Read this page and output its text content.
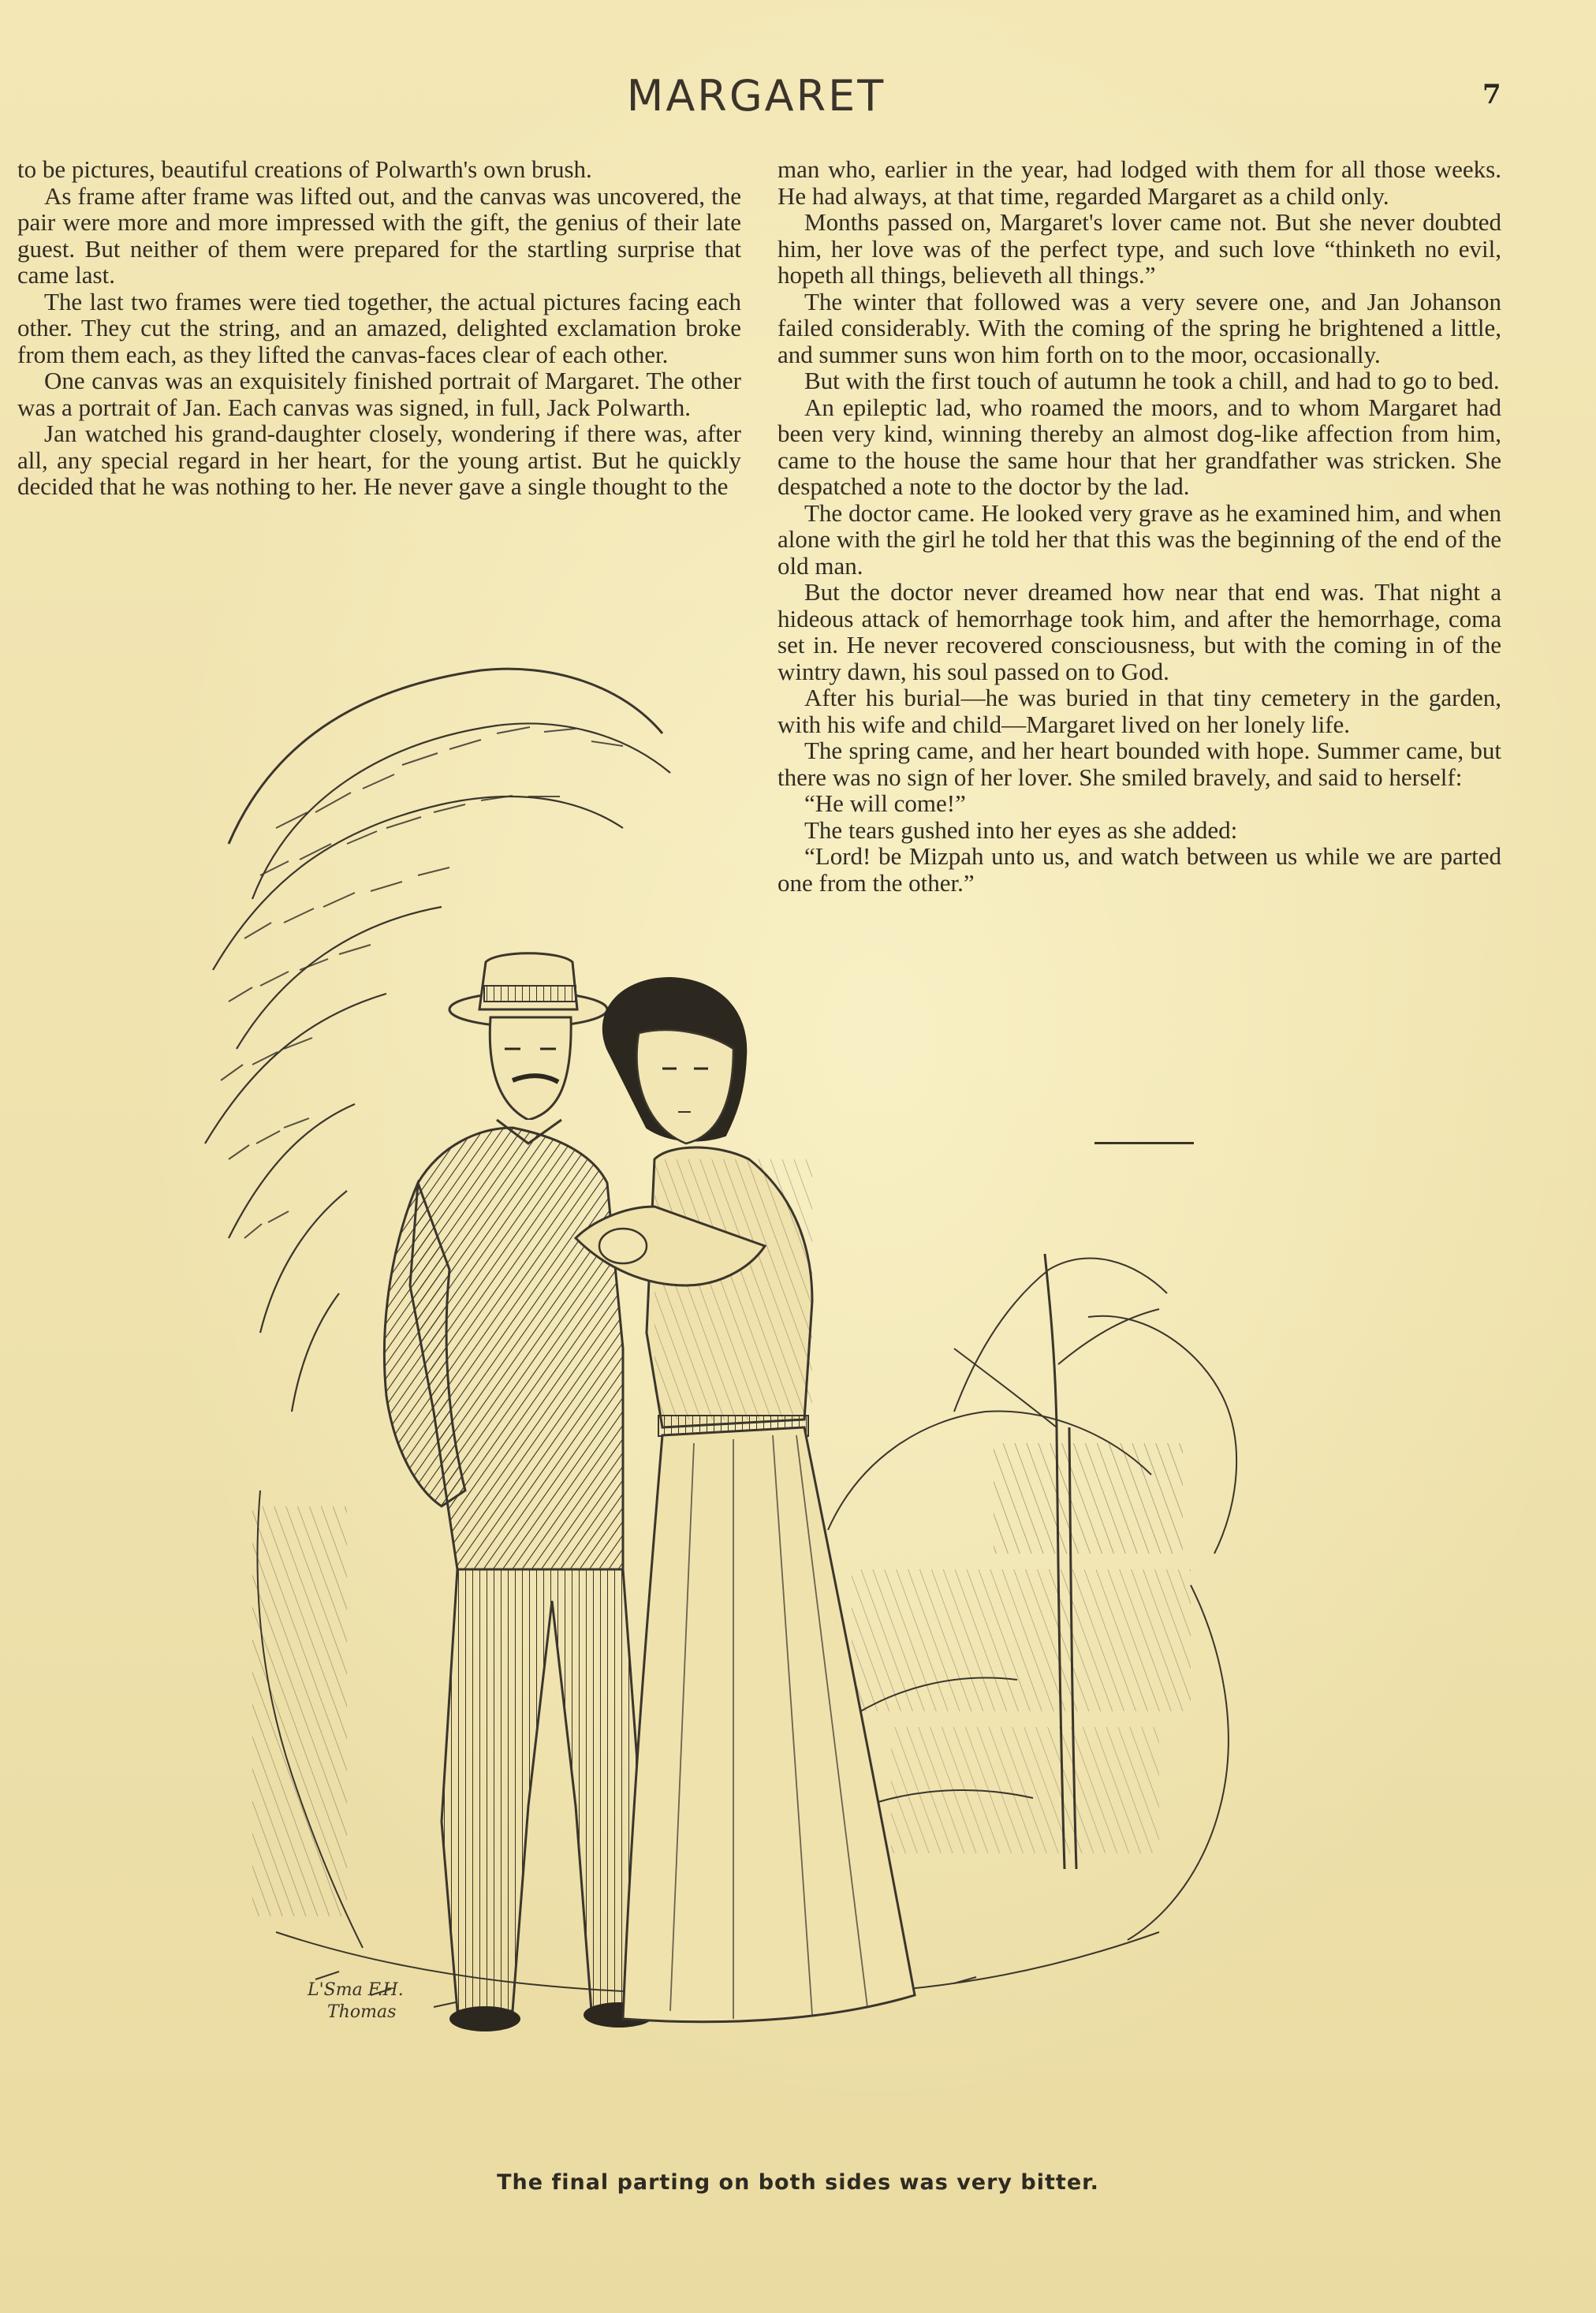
MARGARET	7

to be pictures, beautiful creations of Polwarth's own brush.

As frame after frame was lifted out, and the canvas was uncovered, the pair were more and more impressed with the gift, the genius of their late guest. But neither of them were prepared for the startling surprise that came last.

The last two frames were tied together, the actual pictures facing each other. They cut the string, and an amazed, delighted exclamation broke from them each, as they lifted the canvas-faces clear of each other.

One canvas was an exquisitely finished portrait of Margaret. The other was a portrait of Jan. Each canvas was signed, in full, Jack Polwarth.

Jan watched his grand-daughter closely, wondering if there was, after all, any special regard in her heart, for the young artist. But he quickly decided that he was nothing to her. He never gave a single thought to the

man who, earlier in the year, had lodged with them for all those weeks. He had always, at that time, regarded Margaret as a child only.

Months passed on, Margaret's lover came not. But she never doubted him, her love was of the perfect type, and such love “thinketh no evil, hopeth all things, believeth all things.”

The winter that followed was a very severe one, and Jan Johanson failed considerably. With the coming of the spring he brightened a little, and summer suns won him forth on to the moor, occasionally.

But with the first touch of autumn he took a chill, and had to go to bed.

An epileptic lad, who roamed the moors, and to whom Margaret had been very kind, winning thereby an almost dog-like affection from him, came to the house the same hour that her grandfather was stricken. She despatched a note to the doctor by the lad.

The doctor came. He looked very grave as he examined him, and when alone with the girl he told her that this was the beginning of the end of the old man.

But the doctor never dreamed how near that end was. That night a hideous attack of hemorrhage took him, and after the hemorrhage, coma set in. He never recovered consciousness, but with the coming in of the wintry dawn, his soul passed on to God.

After his burial—he was buried in that tiny cemetery in the garden, with his wife and child—Margaret lived on her lonely life.

The spring came, and her heart bounded with hope. Summer came, but there was no sign of her lover. She smiled bravely, and said to herself:

“He will come!”

The tears gushed into her eyes as she added:

“Lord! be Mizpah unto us, and watch between us while we are parted one from the other.”

L'Sma F.H.
Thomas
The final parting on both sides was very bitter.
